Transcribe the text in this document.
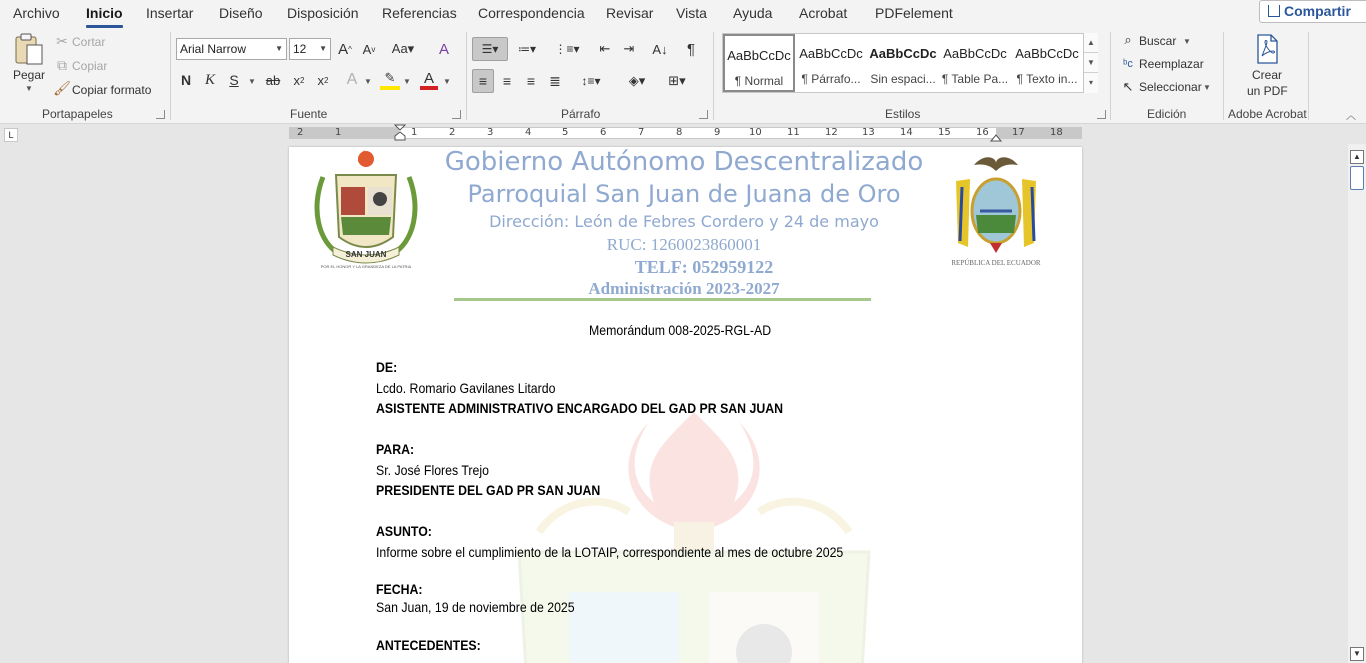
Archivo Inicio Insertar Diseño Disposición Referencias Correspondencia Revisar Vista Ayuda Acrobat PDFelement	Compartir
Pegar
▼
✂ Cortar
⧉ Copiar
🖌 Copiar formato
Portapapeles
Arial Narrow	▼ 12 ▼ A ^ A v Aa▾ A
N K S	▼ ab x 2 x 2 A ▼ ✎ ▼ A	▼
Fuente
☰▾	≔▾	⋮≡▾ ⇤ ⇥ A↓	¶
≡	≡	≡	≣	↕≡▾	◈▾	⊞▾
Párrafo
AaBbCcDc
¶ Normal
AaBbCcDc
¶ Párrafo...
AaBbCcDc
Sin espaci...
AaBbCcDc
¶ Table Pa...
AaBbCcDc
¶ Texto in...
▲
▼
▾
Estilos
⌕ Buscar ▼
ᵇc Reemplazar
↖ Seleccionar ▼
Edición
Crear
un PDF
Adobe Acrobat	︿
L	2	1	1	2	3	4	5	6	7	8	9	10	11	12 13	14	15	16 17	18
SAN JUAN
POR EL HONOR Y LA GRANDEZA DE LA PATRIA	REPÚBLICA DEL ECUADOR
Gobierno Autónomo Descentralizado
Parroquial San Juan de Juana de Oro
Dirección: León de Febres Cordero y 24 de mayo
RUC: 1260023860001
TELF: 052959122
Administración 2023-2027
Memorándum 008-2025-RGL-AD
DE:
Lcdo. Romario Gavilanes Litardo
ASISTENTE ADMINISTRATIVO ENCARGADO DEL GAD PR SAN JUAN
PARA:
Sr. José Flores Trejo
PRESIDENTE DEL GAD PR SAN JUAN
ASUNTO:
Informe sobre el cumplimiento de la LOTAIP, correspondiente al mes de octubre 2025
FECHA:
San Juan, 19 de noviembre de 2025
ANTECEDENTES:
▲
▼
